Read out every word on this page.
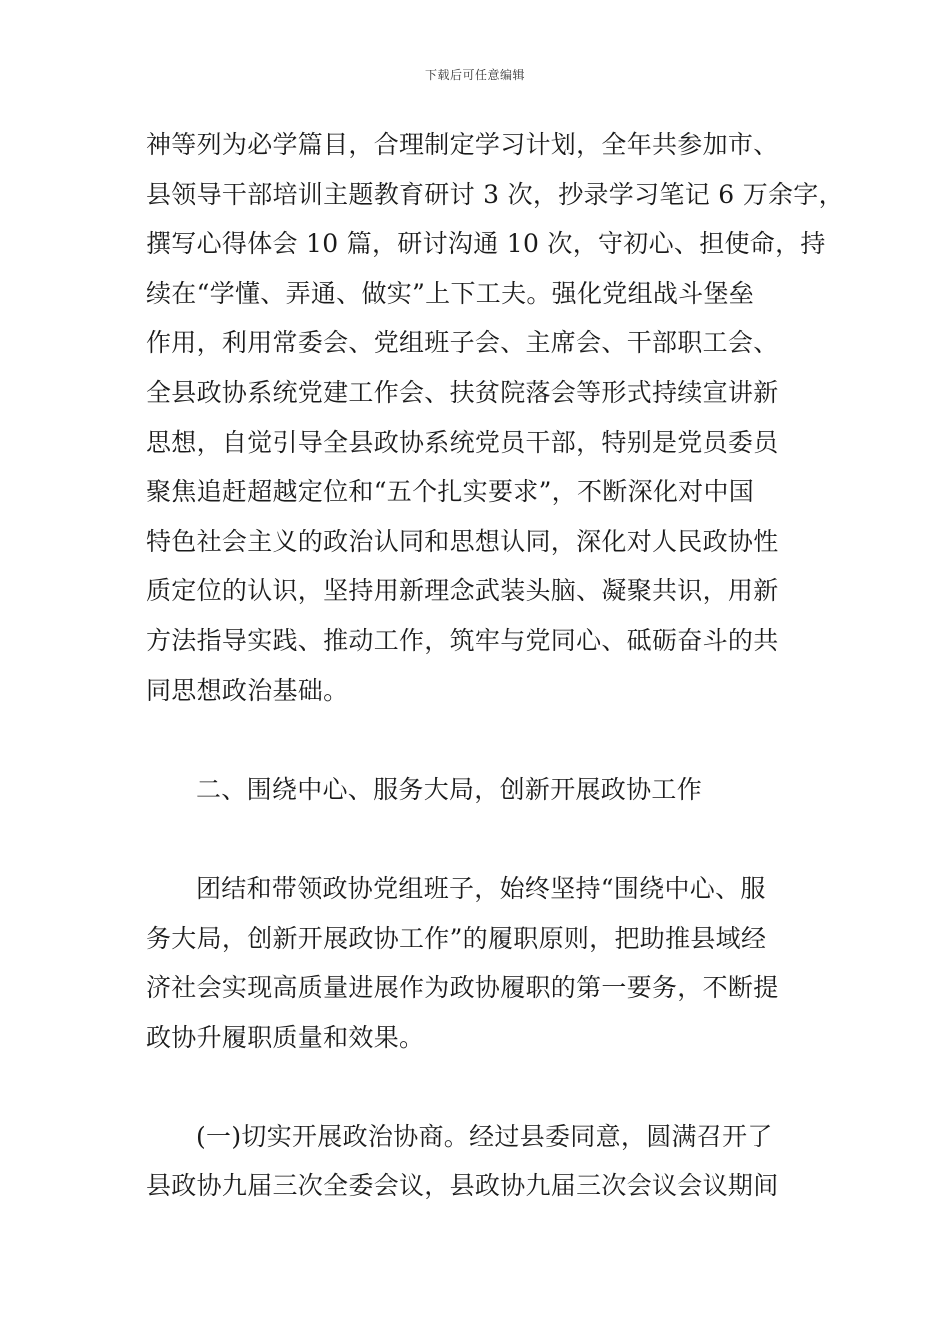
下载后可任意编辑
神等列为必学篇目，合理制定学习计划，全年共参加市、
县领导干部培训主题教育研讨 3 次，抄录学习笔记 6 万余字，
撰写心得体会 10 篇，研讨沟通 10 次，守初心、担使命，持
续在“学懂、弄通、做实”上下工夫。强化党组战斗堡垒
作用，利用常委会、党组班子会、主席会、干部职工会、
全县政协系统党建工作会、扶贫院落会等形式持续宣讲新
思想，自觉引导全县政协系统党员干部，特别是党员委员
聚焦追赶超越定位和“五个扎实要求”，不断深化对中国
特色社会主义的政治认同和思想认同，深化对人民政协性
质定位的认识，坚持用新理念武装头脑、凝聚共识，用新
方法指导实践、推动工作，筑牢与党同心、砥砺奋斗的共
同思想政治基础。
二、围绕中心、服务大局，创新开展政协工作
团结和带领政协党组班子，始终坚持“围绕中心、服
务大局，创新开展政协工作”的履职原则，把助推县域经
济社会实现高质量进展作为政协履职的第一要务，不断提
政协升履职质量和效果。
(一)切实开展政治协商。经过县委同意，圆满召开了
县政协九届三次全委会议，县政协九届三次会议会议期间
